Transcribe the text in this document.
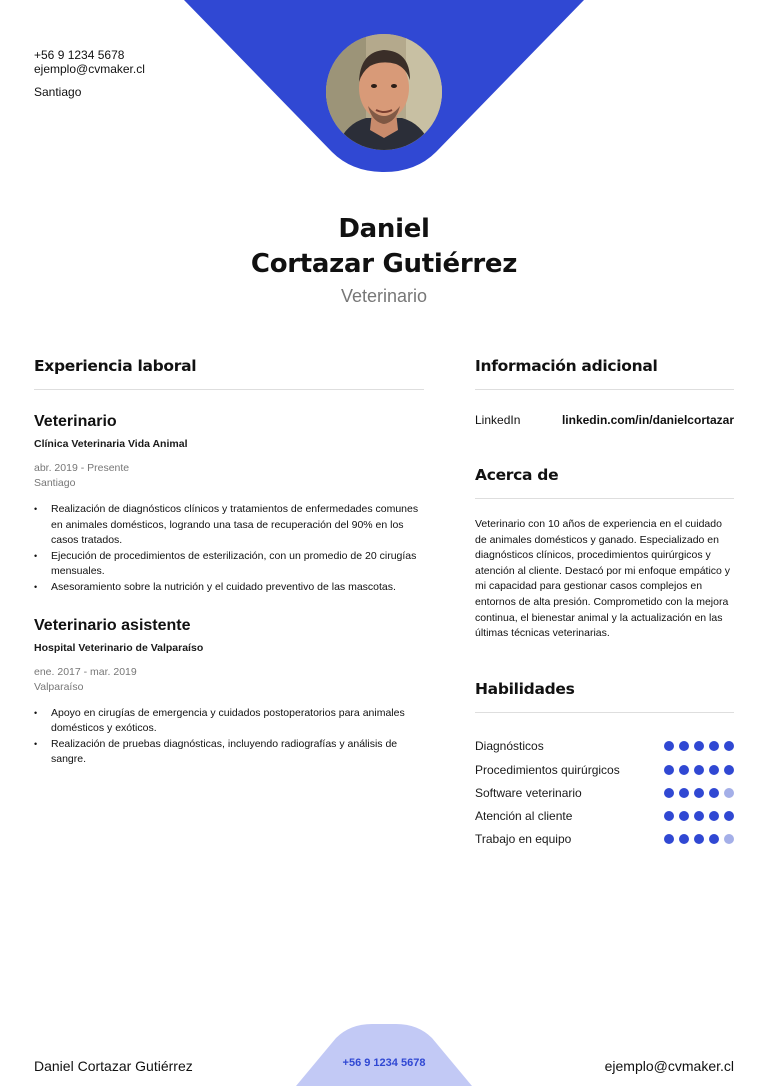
+56 9 1234 5678
ejemplo@cvmaker.cl
Santiago
Daniel
Cortazar Gutiérrez
Veterinario
Experiencia laboral
Veterinario
Clínica Veterinaria Vida Animal
abr. 2019 - Presente
Santiago
• Realización de diagnósticos clínicos y tratamientos de enfermedades comunes en animales domésticos, logrando una tasa de recuperación del 90% en los casos tratados.
• Ejecución de procedimientos de esterilización, con un promedio de 20 cirugías mensuales.
• Asesoramiento sobre la nutrición y el cuidado preventivo de las mascotas.
Veterinario asistente
Hospital Veterinario de Valparaíso
ene. 2017 - mar. 2019
Valparaíso
• Apoyo en cirugías de emergencia y cuidados postoperatorios para animales domésticos y exóticos.
• Realización de pruebas diagnósticas, incluyendo radiografías y análisis de sangre.
Información adicional
LinkedIn	linkedin.com/in/danielcortazar
Acerca de
Veterinario con 10 años de experiencia en el cuidado de animales domésticos y ganado. Especializado en diagnósticos clínicos, procedimientos quirúrgicos y atención al cliente. Destacó por mi enfoque empático y mi capacidad para gestionar casos complejos en entornos de alta presión. Comprometido con la mejora continua, el bienestar animal y la actualización en las últimas técnicas veterinarias.
Habilidades
Diagnósticos
Procedimientos quirúrgicos
Software veterinario
Atención al cliente
Trabajo en equipo
Daniel Cortazar Gutiérrez	+56 9 1234 5678	ejemplo@cvmaker.cl
